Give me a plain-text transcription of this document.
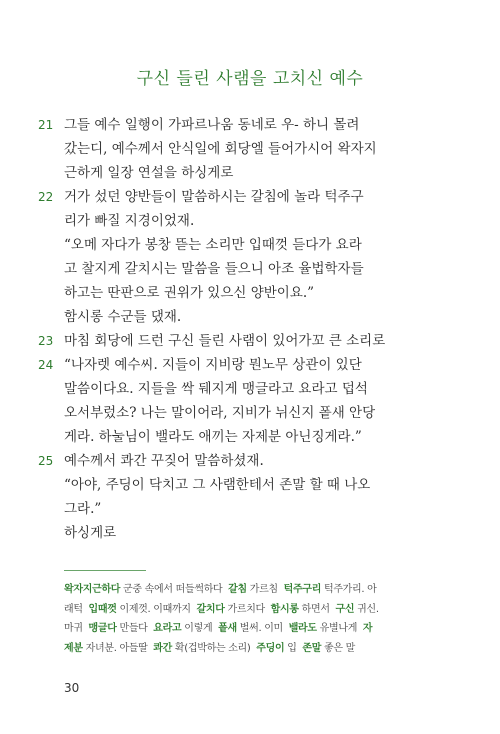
구신 들린 사램을 고치신 예수
21 그들 예수 일행이 가파르나움 동네로 우- 하니 몰려
갔는디, 예수께서 안식일에 회당엘 들어가시어 왁자지
근하게 일장 연설을 하싱게로
22 거가 섰던 양반들이 말씀하시는 갈침에 놀라 턱주구
리가 빠질 지경이었재.
“오메 자다가 봉창 뜯는 소리만 입때껏 듣다가 요라
고 찰지게 갈치시는 말씀을 들으니 아조 율법학자들
하고는 딴판으로 권위가 있으신 양반이요.”
함시롱 수군들 댔재.
23 마침 회당에 드런 구신 들린 사램이 있어가꼬 큰 소리로
24 “나자렛 예수씨. 지들이 지비랑 뭔노무 상관이 있단
말씀이다요. 지들을 싹 뒈지게 맹글라고 요라고 덥석
오서부렀소? 나는 말이어라, 지비가 뉘신지 퐅새 안당
게라. 하눌님이 밸라도 애끼는 자제분 아닌징게라.”
25 예수께서 콰간 꾸짖어 말씀하셨재.
“아야, 주딩이 닥치고 그 사램한테서 존말 할 때 나오
그라.”
하싱게로
왁자지근하다 군중 속에서 떠들썩하다  갈침 가르침  턱주구리 턱주가리. 아
래턱  입때껏 이제껏. 이때까지  갈치다 가르치다  함시롱 하면서  구신 귀신.
마귀  맹글다 만들다  요라고 이렇게  퐅새 벌써. 이미  밸라도 유별나게  자
제분 자녀분. 아들딸  콰간 확(겁박하는 소리)  주딩이 입  존말 좋은 말
30
